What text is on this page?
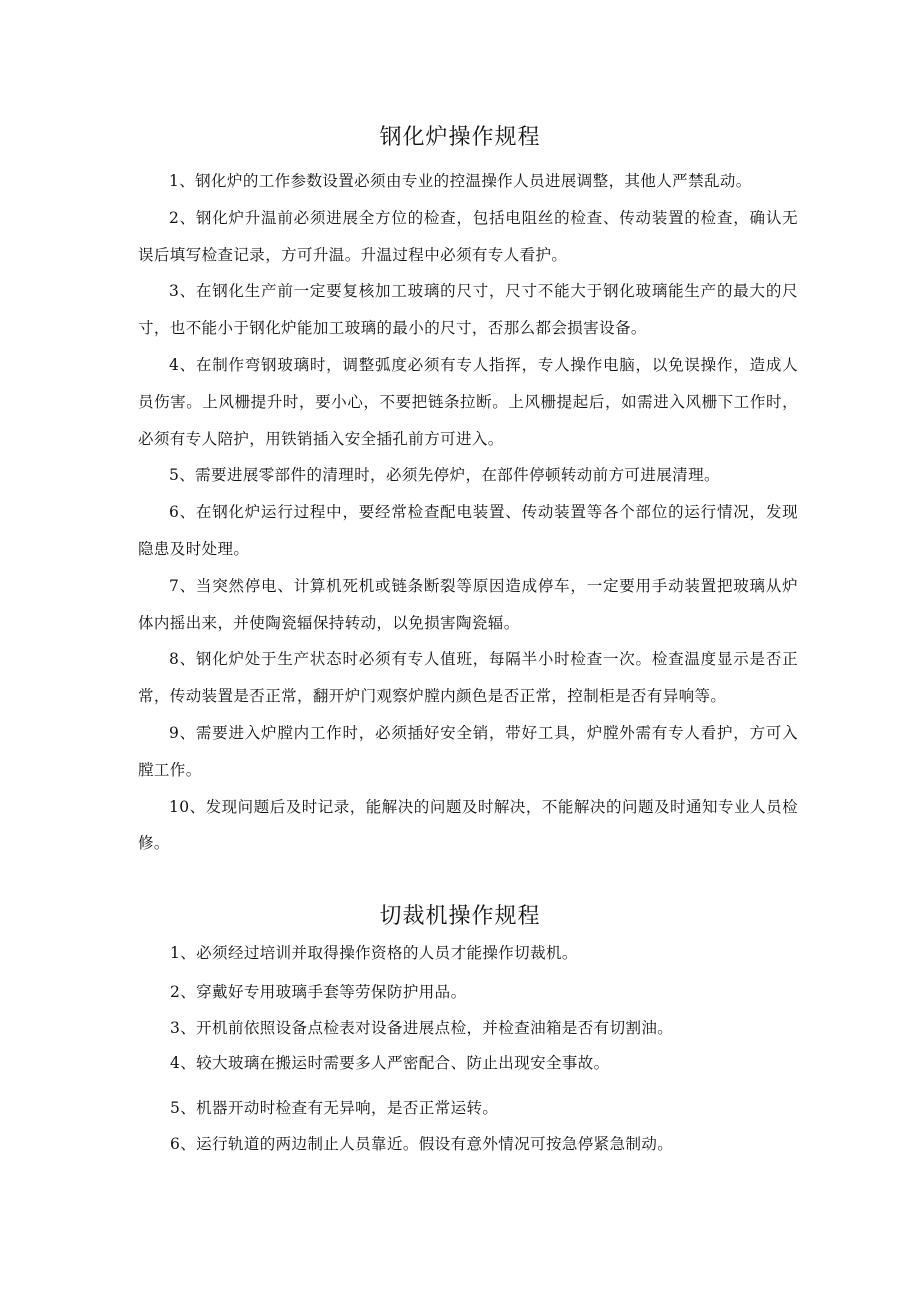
钢化炉操作规程

1、钢化炉的工作参数设置必须由专业的控温操作人员进展调整，其他人严禁乱动。

2、钢化炉升温前必须进展全方位的检查，包括电阻丝的检查、传动装置的检查，确认无误后填写检查记录，方可升温。升温过程中必须有专人看护。

3、在钢化生产前一定要复核加工玻璃的尺寸，尺寸不能大于钢化玻璃能生产的最大的尺寸，也不能小于钢化炉能加工玻璃的最小的尺寸，否那么都会损害设备。

4、在制作弯钢玻璃时，调整弧度必须有专人指挥，专人操作电脑，以免误操作，造成人员伤害。上风栅提升时，要小心，不要把链条拉断。上风栅提起后，如需进入风栅下工作时，必须有专人陪护，用铁销插入安全插孔前方可进入。

5、需要进展零部件的清理时，必须先停炉，在部件停顿转动前方可进展清理。

6、在钢化炉运行过程中，要经常检查配电装置、传动装置等各个部位的运行情况，发现隐患及时处理。

7、当突然停电、计算机死机或链条断裂等原因造成停车，一定要用手动装置把玻璃从炉体内摇出来，并使陶瓷辐保持转动，以免损害陶瓷辐。

8、钢化炉处于生产状态时必须有专人值班，每隔半小时检查一次。检查温度显示是否正常，传动装置是否正常，翻开炉门观察炉膛内颜色是否正常，控制柜是否有异响等。

9、需要进入炉膛内工作时，必须插好安全销，带好工具，炉膛外需有专人看护，方可入膛工作。

10、发现问题后及时记录，能解决的问题及时解决，不能解决的问题及时通知专业人员检修。

切裁机操作规程

1、必须经过培训并取得操作资格的人员才能操作切裁机。

2、穿戴好专用玻璃手套等劳保防护用品。

3、开机前依照设备点检表对设备进展点检，并检查油箱是否有切割油。

4、较大玻璃在搬运时需要多人严密配合、防止出现安全事故。

5、机器开动时检查有无异响，是否正常运转。

6、运行轨道的两边制止人员靠近。假设有意外情况可按急停紧急制动。
